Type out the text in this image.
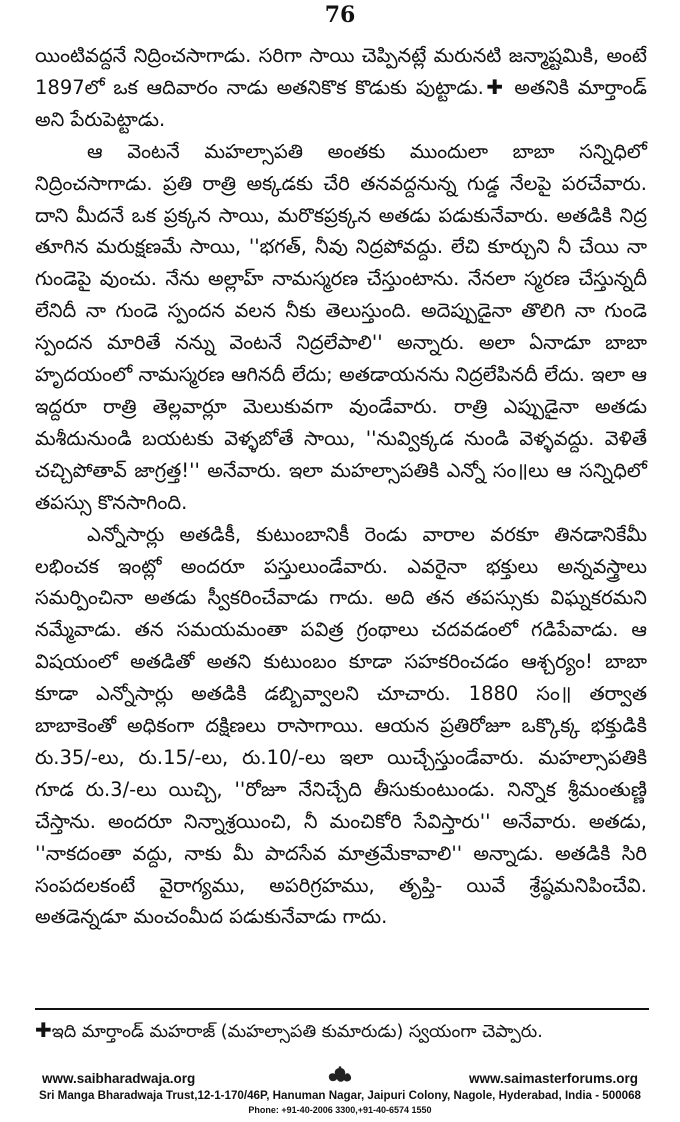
76

యింటివద్దనే నిద్రించసాగాడు. సరిగా సాయి చెప్పినట్లే మరునటి జన్మాష్టమికి, అంటే 1897లో ఒక ఆదివారం నాడు అతనికొక కొడుకు పుట్టాడు.✚ అతనికి మార్తాండ్ అని పేరుపెట్టాడు.

ఆ వెంటనే మహల్సాపతి అంతకు ముందులా బాబా సన్నిధిలో నిద్రించసాగాడు. ప్రతి రాత్రి అక్కడకు చేరి తనవద్దనున్న గుడ్డ నేలపై పరచేవారు. దాని మీదనే ఒక ప్రక్కన సాయి, మరొకప్రక్కన అతడు పడుకునేవారు. అతడికి నిద్ర తూగిన మరుక్షణమే సాయి, ''భగత్, నీవు నిద్రపోవద్దు. లేచి కూర్చుని నీ చేయి నా గుండెపై వుంచు. నేను అల్లాహ్ నామస్మరణ చేస్తుంటాను. నేనలా స్మరణ చేస్తున్నదీ లేనిదీ నా గుండె స్పందన వలన నీకు తెలుస్తుంది. అదెప్పుడైనా తొలిగి నా గుండె స్పందన మారితే నన్ను వెంటనే నిద్రలేపాలి'' అన్నారు. అలా ఏనాడూ బాబా హృదయంలో నామస్మరణ ఆగినదీ లేదు; అతడాయనను నిద్రలేపినదీ లేదు. ఇలా ఆ ఇద్దరూ రాత్రి తెల్లవార్లూ మెలుకువగా వుండేవారు. రాత్రి ఎప్పుడైనా అతడు మశీదునుండి బయటకు వెళ్ళబోతే సాయి, ''నువ్విక్కడ నుండి వెళ్ళవద్దు. వెళితే చచ్చిపోతావ్ జాగ్రత్త!'' అనేవారు. ఇలా మహల్సాపతికి ఎన్నో సం॥లు ఆ సన్నిధిలో తపస్సు కొనసాగింది.

ఎన్నోసార్లు అతడికీ, కుటుంబానికీ రెండు వారాల వరకూ తినడానికేమీ లభించక ఇంట్లో అందరూ పస్తులుండేవారు. ఎవరైనా భక్తులు అన్నవస్త్రాలు సమర్పించినా అతడు స్వీకరించేవాడు గాదు. అది తన తపస్సుకు విఘ్నకరమని నమ్మేవాడు. తన సమయమంతా పవిత్ర గ్రంథాలు చదవడంలో గడిపేవాడు. ఆ విషయంలో అతడితో అతని కుటుంబం కూడా సహకరించడం ఆశ్చర్యం! బాబా కూడా ఎన్నోసార్లు అతడికి డబ్బివ్వాలని చూచారు. 1880 సం॥ తర్వాత బాబాకెంతో అధికంగా దక్షిణలు రాసాగాయి. ఆయన ప్రతిరోజూ ఒక్కొక్క భక్తుడికి రు.35/-లు, రు.15/-లు, రు.10/-లు ఇలా యిచ్చేస్తుండేవారు. మహల్సాపతికి గూడ రు.3/-లు యిచ్చి, ''రోజూ నేనిచ్చేది తీసుకుంటుండు. నిన్నొక శ్రీమంతుణ్ణి చేస్తాను. అందరూ నిన్నాశ్రయించి, నీ మంచికోరి సేవిస్తారు'' అనేవారు. అతడు, ''నాకదంతా వద్దు, నాకు మీ పాదసేవ మాత్రమేకావాలి'' అన్నాడు. అతడికి సిరి సంపదలకంటే వైరాగ్యము, అపరిగ్రహము, తృప్తి- యివే శ్రేష్ఠమనిపించేవి. అతడెన్నడూ మంచంమీద పడుకునేవాడు గాదు.

✚ఇది మార్తాండ్ మహరాజ్ (మహల్సాపతి కుమారుడు) స్వయంగా చెప్పారు.
www.saibharadwaja.org	www.saimasterforums.org
Sri Manga Bharadwaja Trust,12-1-170/46P, Hanuman Nagar, Jaipuri Colony, Nagole, Hyderabad, India - 500068
Phone: +91-40-2006 3300,+91-40-6574 1550
